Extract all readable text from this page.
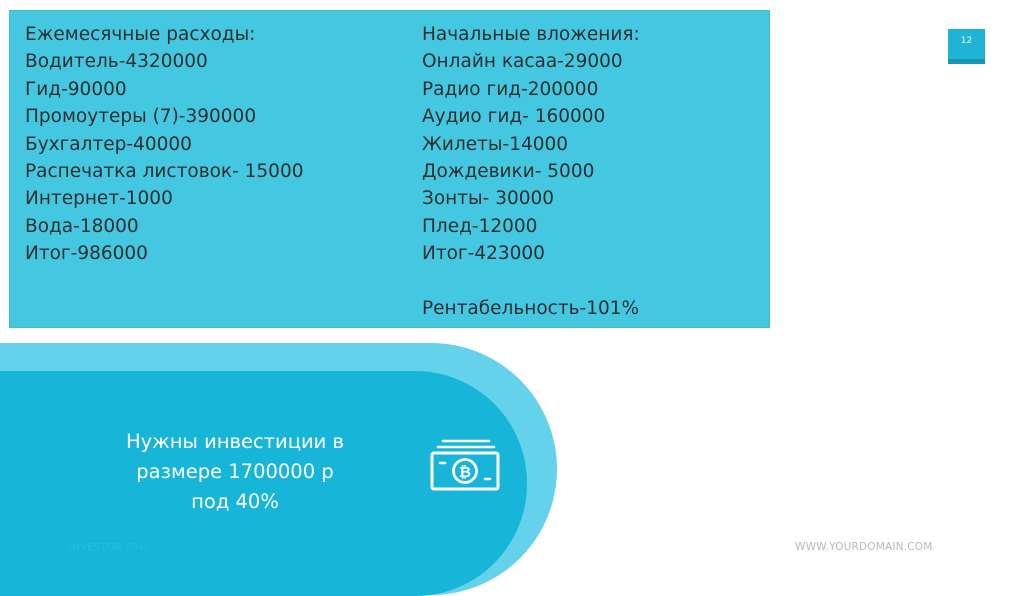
Ежемесячные расходы:
Водитель-4320000
Гид-90000
Промоутеры (7)-390000
Бухгалтер-40000
Распечатка листовок- 15000
Интернет-1000
Вода-18000
Итог-986000
Начальные вложения:
Онлайн касаа-29000
Радио гид-200000
Аудио гид- 160000
Жилеты-14000
Дождевики- 5000
Зонты- 30000
Плед-12000
Итог-423000
Рентабельность-101%
12
Нужны инвестиции в
размере 1700000 р
под 40%
₿
INVESTOR PRO	WWW.YOURDOMAIN.COM
